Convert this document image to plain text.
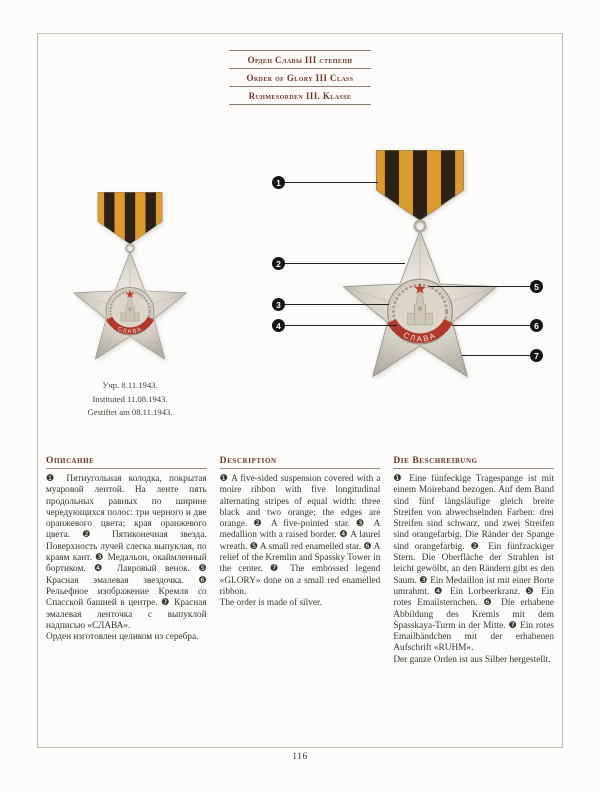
Орден Славы III степени
Order of Glory III Class
Ruhmesorden III. Klasse
СЛАВА
СЛАВА
1
2
3
4
5
6
7
Учр. 8.11.1943.
Instituted 11.08.1943.
Gestiftet am 08.11.1943.
Описание

❶ Пятиугольная колодка, покрытая муаровой лентой. На ленте пять продольных равных по ширине чередующихся полос: три черного и две оранжевого цвета; края оранжевого цвета. ❷ Пятиконечная звезда. Поверхность лучей слегка выпуклая, по краям кант. ❸ Медальон, окаймленный бортиком. ❹ Лавровый венок. ❺ Красная эмалевая звездочка. ❻ Рельефное изображение Кремля со Спасской башней в центре. ❼ Красная эмалевая ленточка с выпуклой надписью «СЛАВА».

Орден изготовлен целиком из серебра.

Description

❶ A five-sided suspension covered with a moire ribbon with five longitudinal alternating stripes of equal width: three black and two orange; the edges are orange. ❷ A five-pointed star. ❸ A medallion with a raised border. ❹ A laurel wreath. ❺ A small red enamelled star. ❻ A relief of the Kremlin and Spassky Tower in the center. ❼ The embossed legend «GLORY» done on a small red enamelled ribbon.

The order is made of silver.

Die Beschreibung

❶ Eine fünfeckige Tragespange ist mit einem Moireband bezogen. Auf dem Band sind fünf längsläufige gleich breite Streifen von abwechselnden Farben: drei Streifen sind schwarz, und zwei Streifen sind orangefarbig. Die Ränder der Spange sind orangefarbig. ❷ Ein fünfzackiger Stern. Die Oberfläche der Strahlen ist leicht gewölbt, an den Rändern gibt es den Saum. ❸ Ein Medaillon ist mit einer Borte umrahmt. ❹ Ein Lorbeerkranz. ❺ Ein rotes Emailsternchen. ❻ Die erhabene Abbildung des Kremls mit dem Spasskaya-Turm in der Mitte. ❼ Ein rotes Emailbändchen mit der erhabenen Aufschrift «RUHM».

Der ganze Orden ist aus Silber hergestellt.

116
